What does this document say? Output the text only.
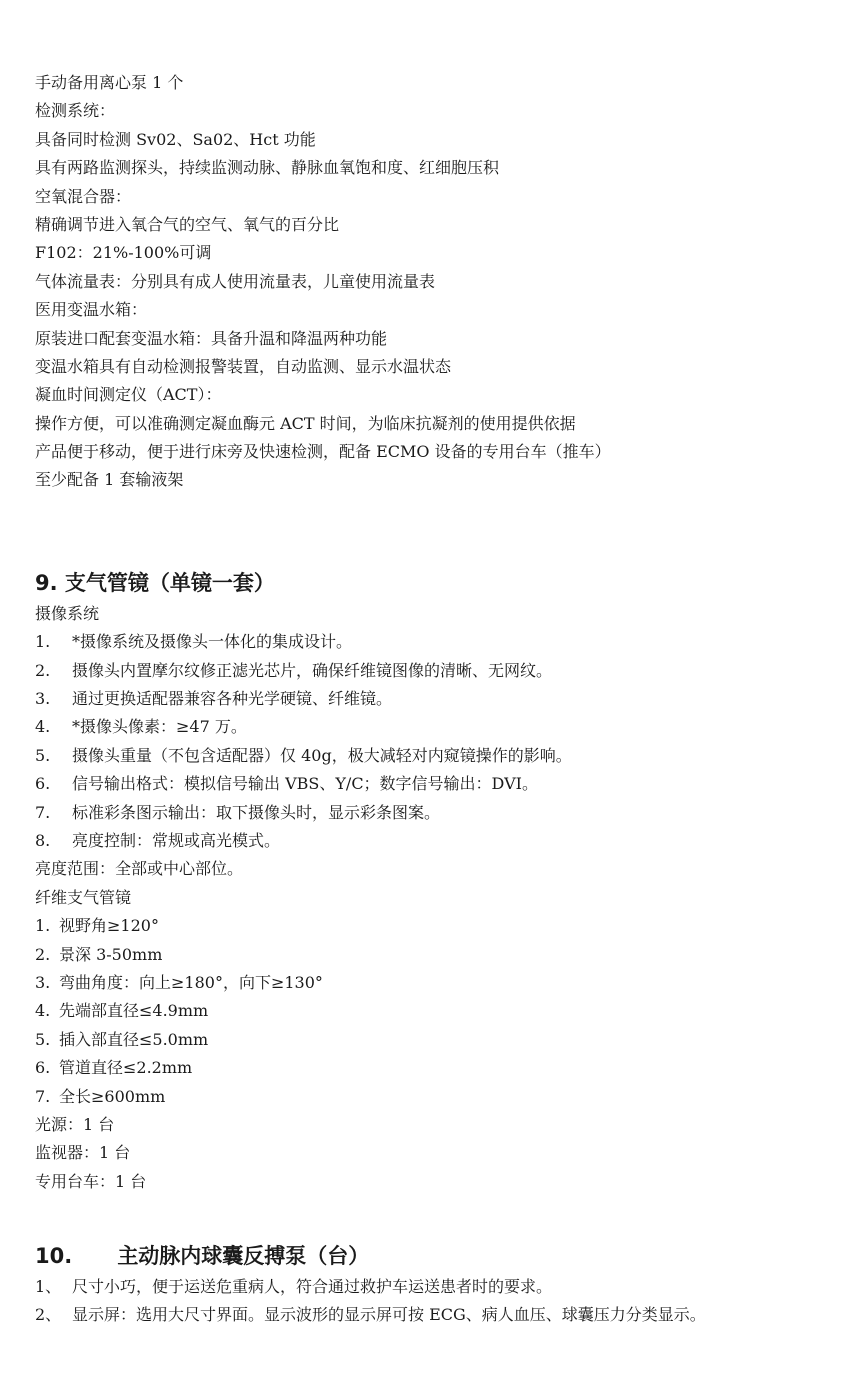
手动备用离心泵 1 个
检测系统：
具备同时检测 Sv02、Sa02、Hct 功能
具有两路监测探头，持续监测动脉、静脉血氧饱和度、红细胞压积
空氧混合器：
精确调节进入氧合气的空气、氧气的百分比
F102：21%-100%可调
气体流量表：分别具有成人使用流量表，儿童使用流量表
医用变温水箱：
原装进口配套变温水箱：具备升温和降温两种功能
变温水箱具有自动检测报警装置，自动监测、显示水温状态
凝血时间测定仪（ACT）：
操作方便，可以准确测定凝血酶元 ACT 时间，为临床抗凝剂的使用提供依据
产品便于移动，便于进行床旁及快速检测，配备 ECMO 设备的专用台车（推车）
至少配备 1 套输液架
9. 支气管镜（单镜一套）
摄像系统
1. *摄像系统及摄像头一体化的集成设计。
2. 摄像头内置摩尔纹修正滤光芯片，确保纤维镜图像的清晰、无网纹。
3. 通过更换适配器兼容各种光学硬镜、纤维镜。
4. *摄像头像素：≥47 万。
5. 摄像头重量（不包含适配器）仅 40g，极大减轻对内窥镜操作的影响。
6. 信号输出格式：模拟信号输出 VBS、Y/C；数字信号输出：DVI。
7. 标准彩条图示输出：取下摄像头时，显示彩条图案。
8. 亮度控制：常规或高光模式。
亮度范围：全部或中心部位。
纤维支气管镜
1. 视野角≥120°
2. 景深 3-50mm
3. 弯曲角度：向上≥180°，向下≥130°
4. 先端部直径≤4.9mm
5. 插入部直径≤5.0mm
6. 管道直径≤2.2mm
7. 全长≥600mm
光源：1 台
监视器：1 台
专用台车：1 台
10. 主动脉内球囊反搏泵（台）
1、 尺寸小巧，便于运送危重病人，符合通过救护车运送患者时的要求。
2、 显示屏：选用大尺寸界面。显示波形的显示屏可按 ECG、病人血压、球囊压力分类显示。
